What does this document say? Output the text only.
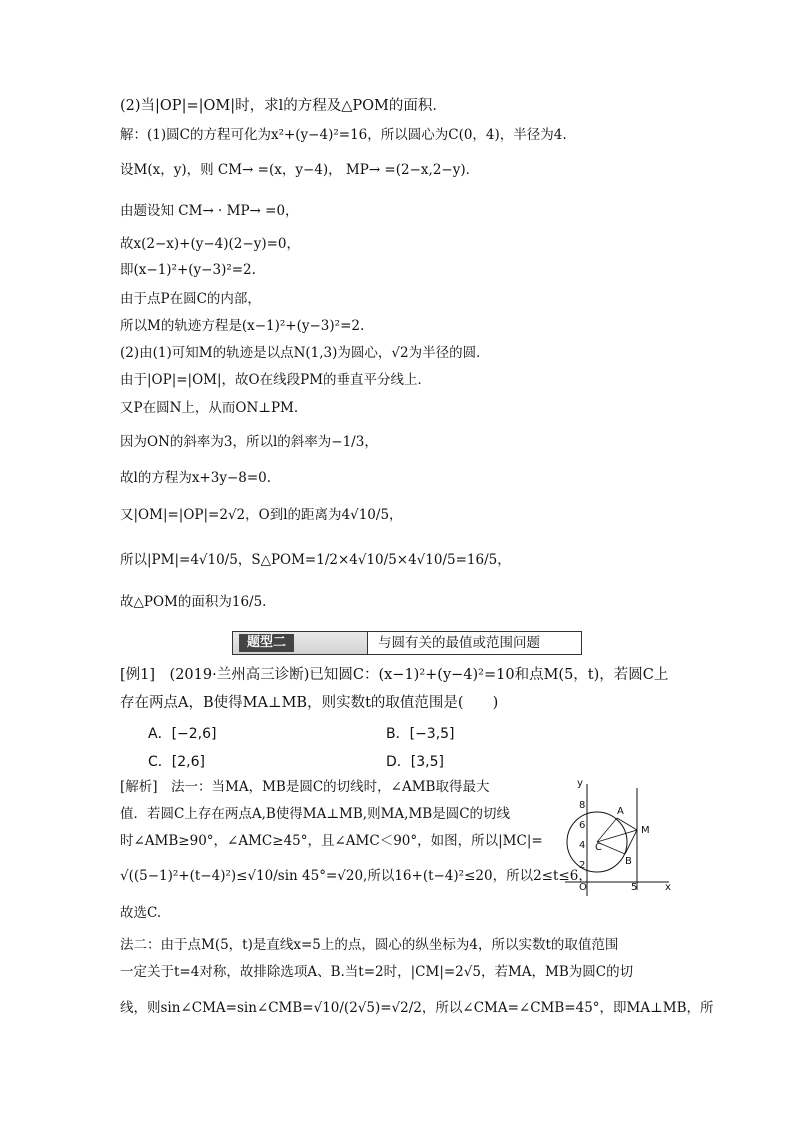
(2)当|OP|=|OM|时，求l的方程及△POM的面积．
解：(1)圆C的方程可化为x²+(y−4)²=16，所以圆心为C(0，4)，半径为4.
设M(x，y)，则 CM→ =(x，y−4)， MP→ =(2−x,2−y)．
由题设知 CM→ · MP→ =0，
故x(2−x)+(y−4)(2−y)=0，
即(x−1)²+(y−3)²=2.
由于点P在圆C的内部，
所以M的轨迹方程是(x−1)²+(y−3)²=2.
(2)由(1)可知M的轨迹是以点N(1,3)为圆心，√2为半径的圆．
由于|OP|=|OM|，故O在线段PM的垂直平分线上．
又P在圆N上，从而ON⊥PM.
因为ON的斜率为3，所以l的斜率为−1/3，
故l的方程为x+3y−8=0.
又|OM|=|OP|=2√2，O到l的距离为4√10/5，
所以|PM|=4√10/5，S△POM=1/2×4√10/5×4√10/5=16/5，
故△POM的面积为16/5.
题型二	与圆有关的最值或范围问题
[例1]　(2019·兰州高三诊断)已知圆C：(x−1)²+(y−4)²=10和点M(5，t)，若圆C上
存在两点A，B使得MA⊥MB，则实数t的取值范围是(　　)
A．[−2,6]	B．[−3,5]
C．[2,6]	D．[3,5]
[解析]　法一：当MA，MB是圆C的切线时，∠AMB取得最大
值．若圆C上存在两点A,B使得MA⊥MB,则MA,MB是圆C的切线
时∠AMB≥90°，∠AMC≥45°，且∠AMC＜90°，如图，所以|MC|=
√((5−1)²+(t−4)²)≤√10/sin 45°=√20,所以16+(t−4)²≤20，所以2≤t≤6，
故选C.
法二：由于点M(5，t)是直线x=5上的点，圆心的纵坐标为4，所以实数t的取值范围
一定关于t=4对称，故排除选项A、B.当t=2时，|CM|=2√5，若MA，MB为圆C的切
线，则sin∠CMA=sin∠CMB=√10/(2√5)=√2/2，所以∠CMA=∠CMB=45°，即MA⊥MB，所
y
x
O	5
8
6
4
2
A
B
C
M
